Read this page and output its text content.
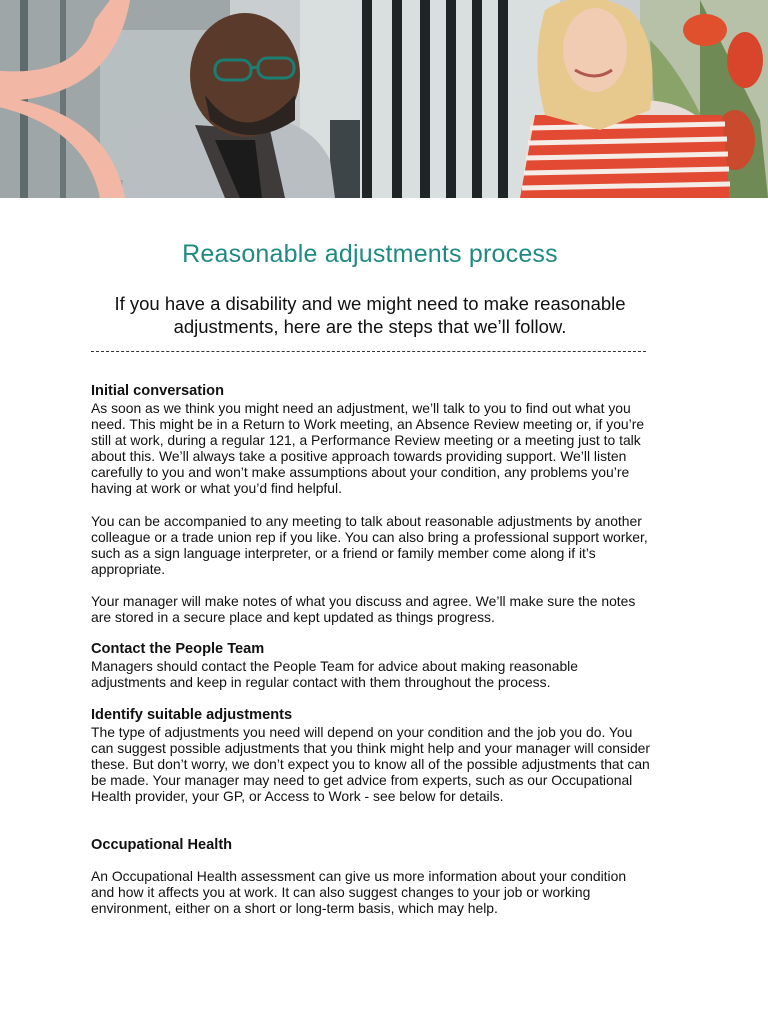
Reasonable adjustments process
If you have a disability and we might need to make reasonable adjustments, here are the steps that we’ll follow.
Initial conversation

As soon as we think you might need an adjustment, we’ll talk to you to find out what you need. This might be in a Return to Work meeting, an Absence Review meeting or, if you’re still at work, during a regular 121, a Performance Review meeting or a meeting just to talk about this. We’ll always take a positive approach towards providing support. We’ll listen carefully to you and won’t make assumptions about your condition, any problems you’re having at work or what you’d find helpful.

You can be accompanied to any meeting to talk about reasonable adjustments by another colleague or a trade union rep if you like. You can also bring a professional support worker, such as a sign language interpreter, or a friend or family member come along if it’s appropriate.

Your manager will make notes of what you discuss and agree. We’ll make sure the notes are stored in a secure place and kept updated as things progress.

Contact the People Team

Managers should contact the People Team for advice about making reasonable adjustments and keep in regular contact with them throughout the process.

Identify suitable adjustments

The type of adjustments you need will depend on your condition and the job you do. You can suggest possible adjustments that you think might help and your manager will consider these. But don’t worry, we don’t expect you to know all of the possible adjustments that can be made. Your manager may need to get advice from experts, such as our Occupational Health provider, your GP, or Access to Work - see below for details.

Occupational Health

An Occupational Health assessment can give us more information about your condition and how it affects you at work. It can also suggest changes to your job or working environment, either on a short or long-term basis, which may help.
